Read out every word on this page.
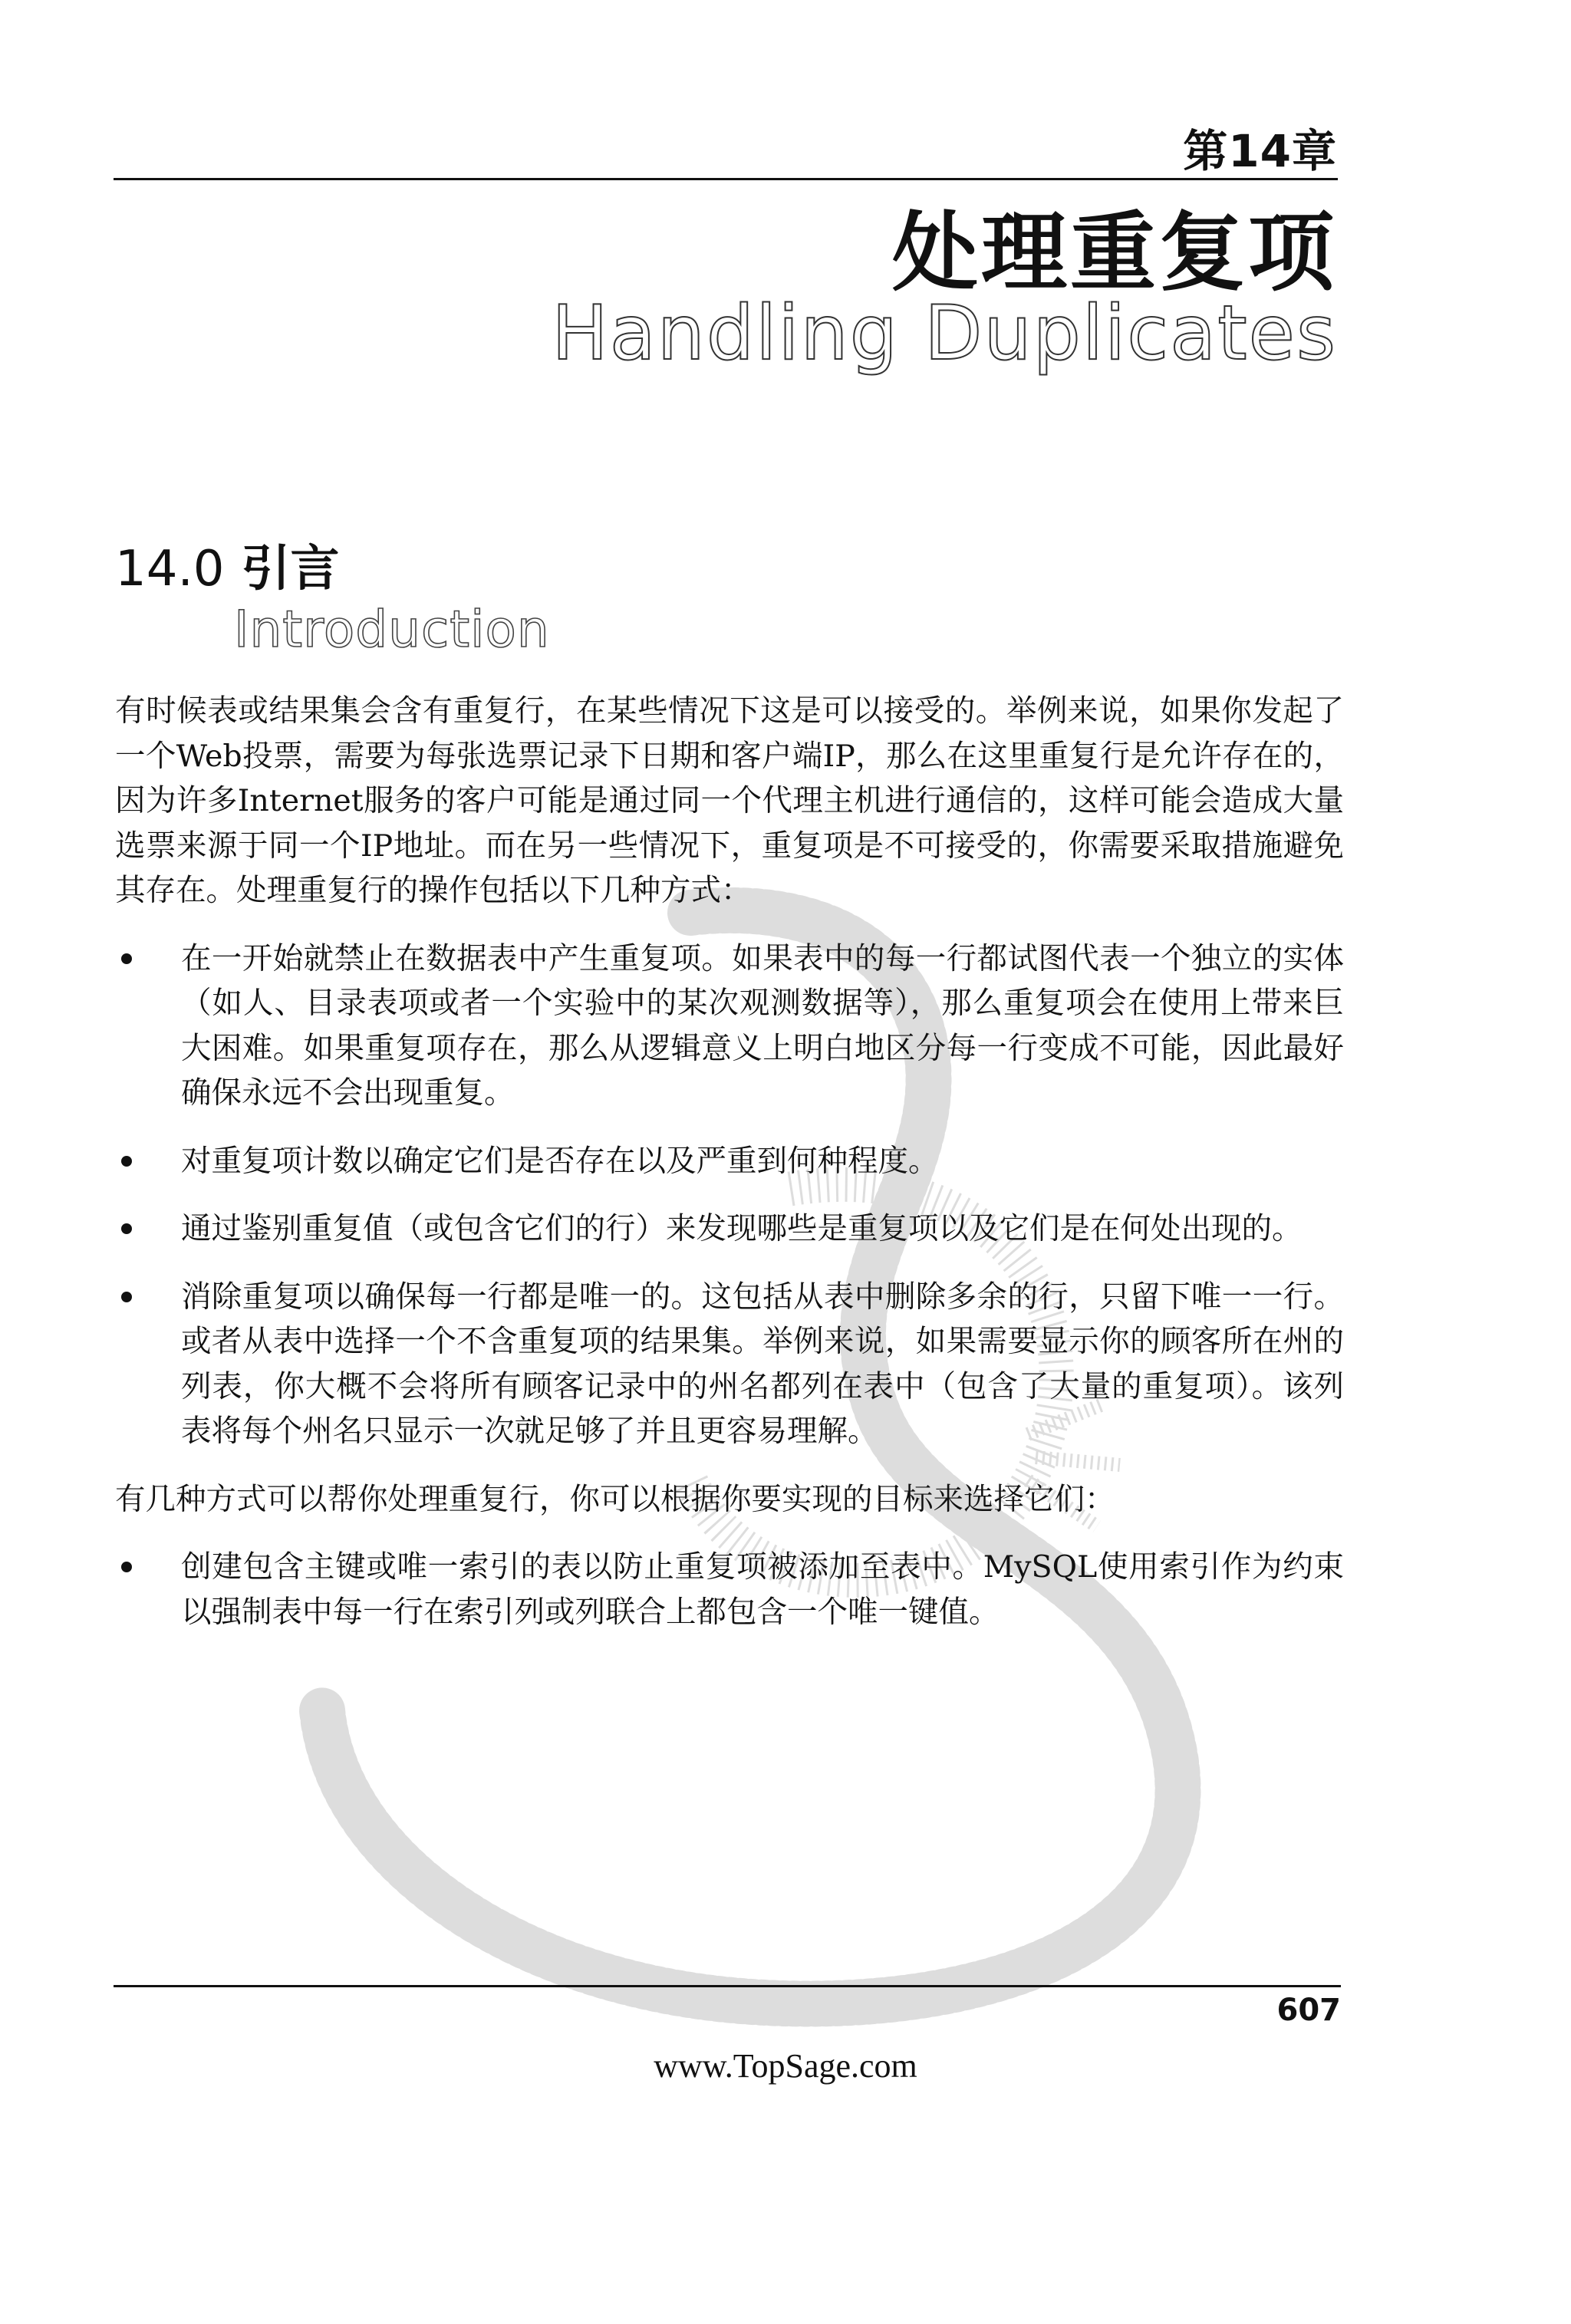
第14章
处理重复项
Handling Duplicates
14.0 引言
Introduction

有时候表或结果集会含有重复行，在某些情况下这是可以接受的。举例来说，如果你发起了一个Web投票，需要为每张选票记录下日期和客户端IP，那么在这里重复行是允许存在的，因为许多Internet服务的客户可能是通过同一个代理主机进行通信的，这样可能会造成大量选票来源于同一个IP地址。而在另一些情况下，重复项是不可接受的，你需要采取措施避免其存在。处理重复行的操作包括以下几种方式：

在一开始就禁止在数据表中产生重复项。如果表中的每一行都试图代表一个独立的实体（如人、目录表项或者一个实验中的某次观测数据等），那么重复项会在使用上带来巨大困难。如果重复项存在，那么从逻辑意义上明白地区分每一行变成不可能，因此最好确保永远不会出现重复。
对重复项计数以确定它们是否存在以及严重到何种程度。
通过鉴别重复值（或包含它们的行）来发现哪些是重复项以及它们是在何处出现的。
消除重复项以确保每一行都是唯一的。这包括从表中删除多余的行，只留下唯一一行。或者从表中选择一个不含重复项的结果集。举例来说，如果需要显示你的顾客所在州的列表，你大概不会将所有顾客记录中的州名都列在表中（包含了大量的重复项）。该列表将每个州名只显示一次就足够了并且更容易理解。

有几种方式可以帮你处理重复行，你可以根据你要实现的目标来选择它们：

创建包含主键或唯一索引的表以防止重复项被添加至表中。MySQL使用索引作为约束以强制表中每一行在索引列或列联合上都包含一个唯一键值。
607
www.TopSage.com
